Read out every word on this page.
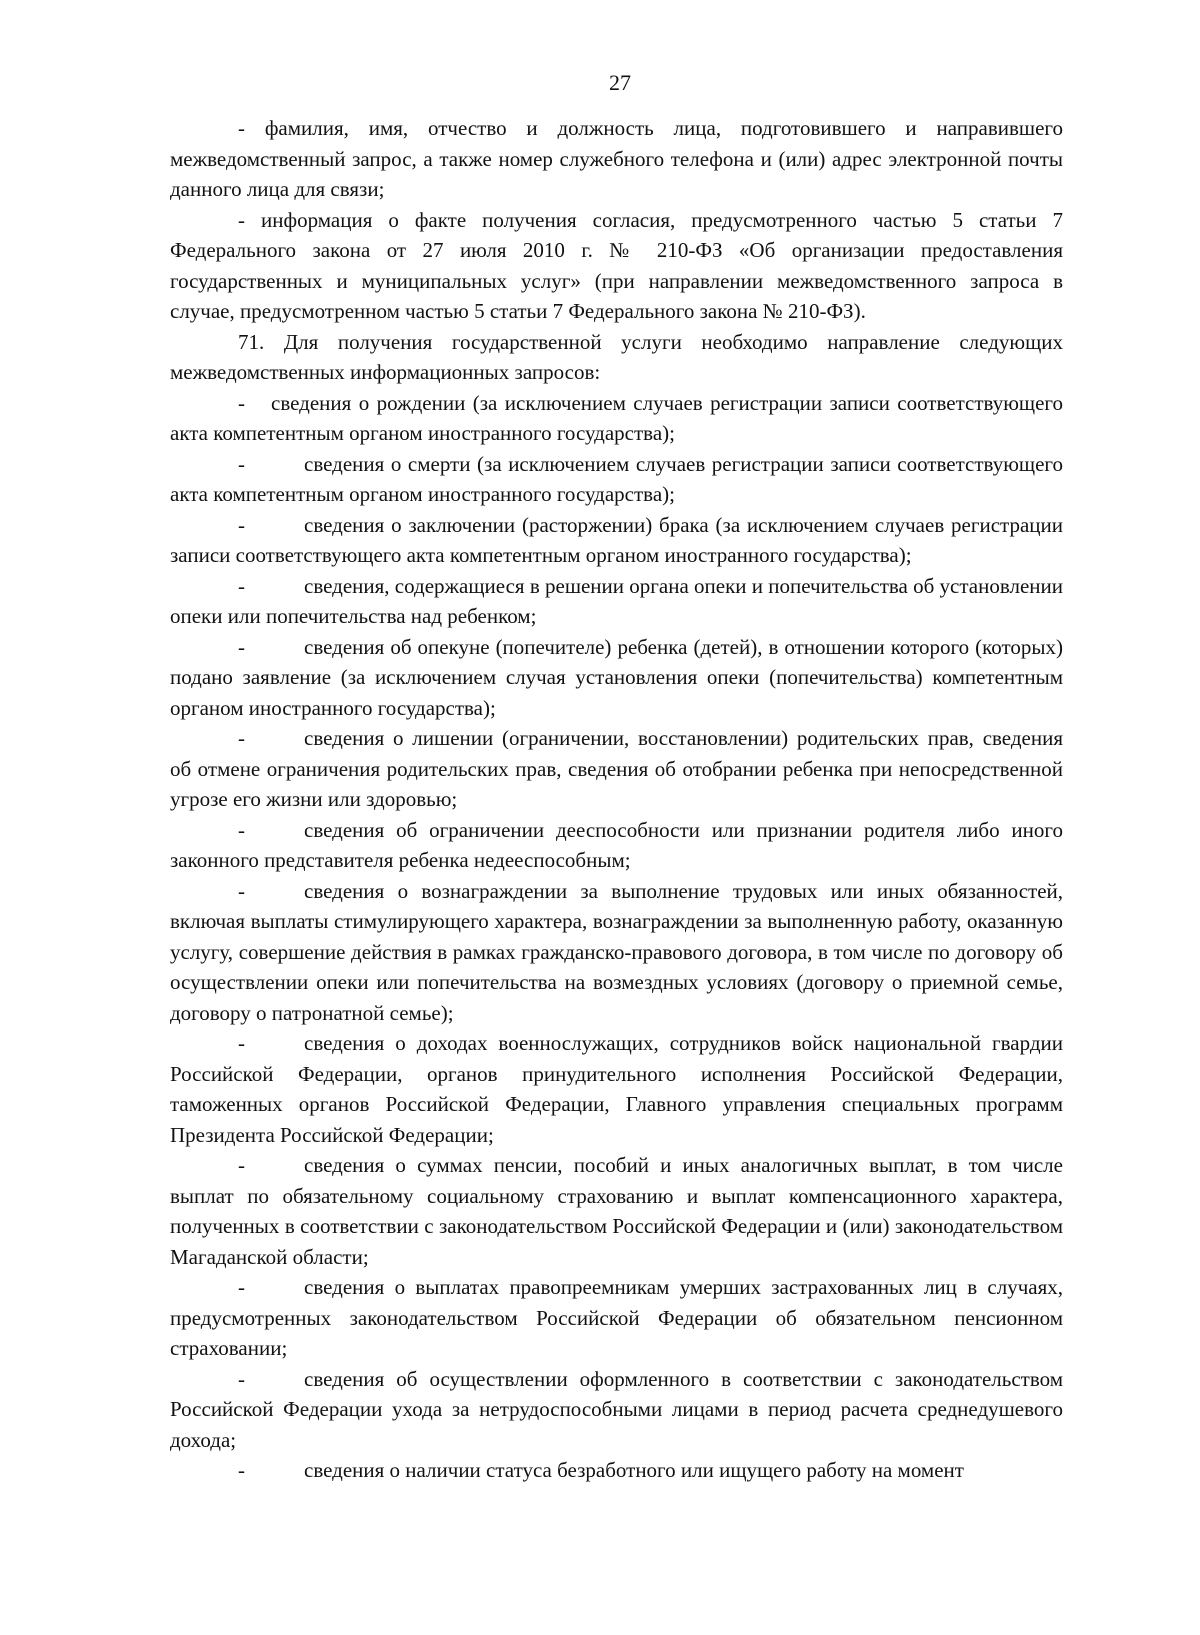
27

- фамилия, имя, отчество и должность лица, подготовившего и направившего межведомственный запрос, а также номер служебного телефона и (или) адрес электронной почты данного лица для связи;

- информация о факте получения согласия, предусмотренного частью 5 статьи 7 Федерального закона от 27 июля 2010 г. № 210-ФЗ «Об организации предоставления государственных и муниципальных услуг» (при направлении межведомственного запроса в случае, предусмотренном частью 5 статьи 7 Федерального закона № 210-ФЗ).

71. Для получения государственной услуги необходимо направление следующих межведомственных информационных запросов:

- сведения о рождении (за исключением случаев регистрации записи соответствующего акта компетентным органом иностранного государства);

-	сведения о смерти (за исключением случаев регистрации записи соответствующего акта компетентным органом иностранного государства);

-	сведения о заключении (расторжении) брака (за исключением случаев регистрации записи соответствующего акта компетентным органом иностранного государства);

-	сведения, содержащиеся в решении органа опеки и попечительства об установлении опеки или попечительства над ребенком;

-	сведения об опекуне (попечителе) ребенка (детей), в отношении которого (которых) подано заявление (за исключением случая установления опеки (попечительства) компетентным органом иностранного государства);

-	сведения о лишении (ограничении, восстановлении) родительских прав, сведения об отмене ограничения родительских прав, сведения об отобрании ребенка при непосредственной угрозе его жизни или здоровью;

-	сведения об ограничении дееспособности или признании родителя либо иного законного представителя ребенка недееспособным;

-	сведения о вознаграждении за выполнение трудовых или иных обязанностей, включая выплаты стимулирующего характера, вознаграждении за выполненную работу, оказанную услугу, совершение действия в рамках гражданско-правового договора, в том числе по договору об осуществлении опеки или попечительства на возмездных условиях (договору о приемной семье, договору о патронатной семье);

-	сведения о доходах военнослужащих, сотрудников войск национальной гвардии Российской Федерации, органов принудительного исполнения Российской Федерации, таможенных органов Российской Федерации, Главного управления специальных программ Президента Российской Федерации;

-	сведения о суммах пенсии, пособий и иных аналогичных выплат, в том числе выплат по обязательному социальному страхованию и выплат компенсационного характера, полученных в соответствии с законодательством Российской Федерации и (или) законодательством Магаданской области;

-	сведения о выплатах правопреемникам умерших застрахованных лиц в случаях, предусмотренных законодательством Российской Федерации об обязательном пенсионном страховании;

-	сведения об осуществлении оформленного в соответствии с законодательством Российской Федерации ухода за нетрудоспособными лицами в период расчета среднедушевого дохода;

-	сведения о наличии статуса безработного или ищущего работу на момент
